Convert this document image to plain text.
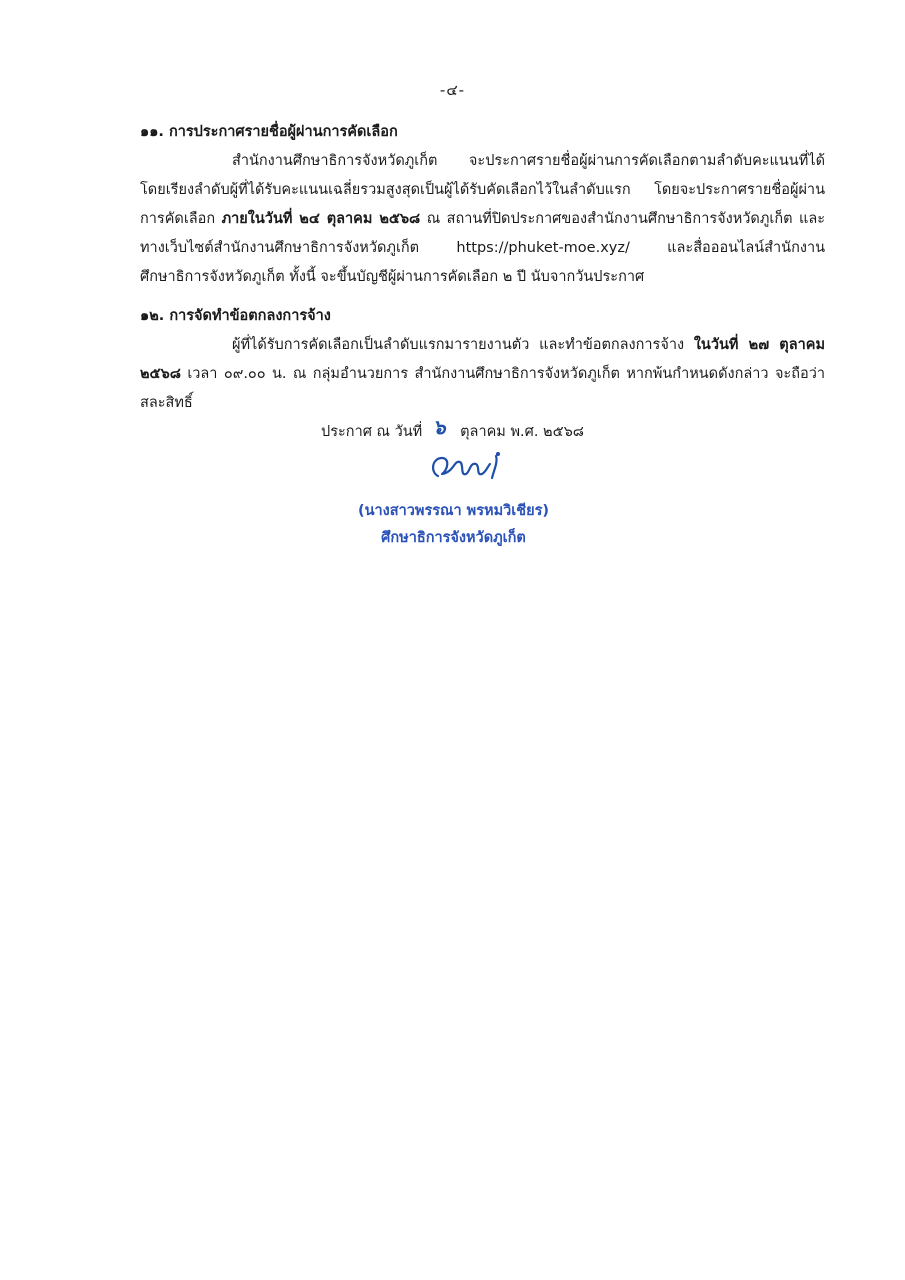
-๔-

๑๑. การประกาศรายชื่อผู้ผ่านการคัดเลือก

สำนักงานศึกษาธิการจังหวัดภูเก็ต จะประกาศรายชื่อผู้ผ่านการคัดเลือกตามลำดับคะแนนที่ได้ โดยเรียงลำดับผู้ที่ได้รับคะแนนเฉลี่ยรวมสูงสุดเป็นผู้ได้รับคัดเลือกไว้ในลำดับแรก โดยจะประกาศรายชื่อผู้ผ่านการคัดเลือก ภายในวันที่ ๒๔ ตุลาคม ๒๕๖๘ ณ สถานที่ปิดประกาศของสำนักงานศึกษาธิการจังหวัดภูเก็ต และทางเว็บไซต์สำนักงานศึกษาธิการจังหวัดภูเก็ต https://phuket-moe.xyz/ และสื่อออนไลน์สำนักงานศึกษาธิการจังหวัดภูเก็ต ทั้งนี้ จะขึ้นบัญชีผู้ผ่านการคัดเลือก ๒ ปี นับจากวันประกาศ

๑๒. การจัดทำข้อตกลงการจ้าง

ผู้ที่ได้รับการคัดเลือกเป็นลำดับแรกมารายงานตัว และทำข้อตกลงการจ้าง ในวันที่ ๒๗ ตุลาคม ๒๕๖๘ เวลา ๐๙.๐๐ น. ณ กลุ่มอำนวยการ สำนักงานศึกษาธิการจังหวัดภูเก็ต หากพ้นกำหนดดังกล่าว จะถือว่าสละสิทธิ์

ประกาศ ณ วันที่ ๖ ตุลาคม พ.ศ. ๒๕๖๘
(นางสาวพรรณา พรหมวิเชียร)
ศึกษาธิการจังหวัดภูเก็ต
